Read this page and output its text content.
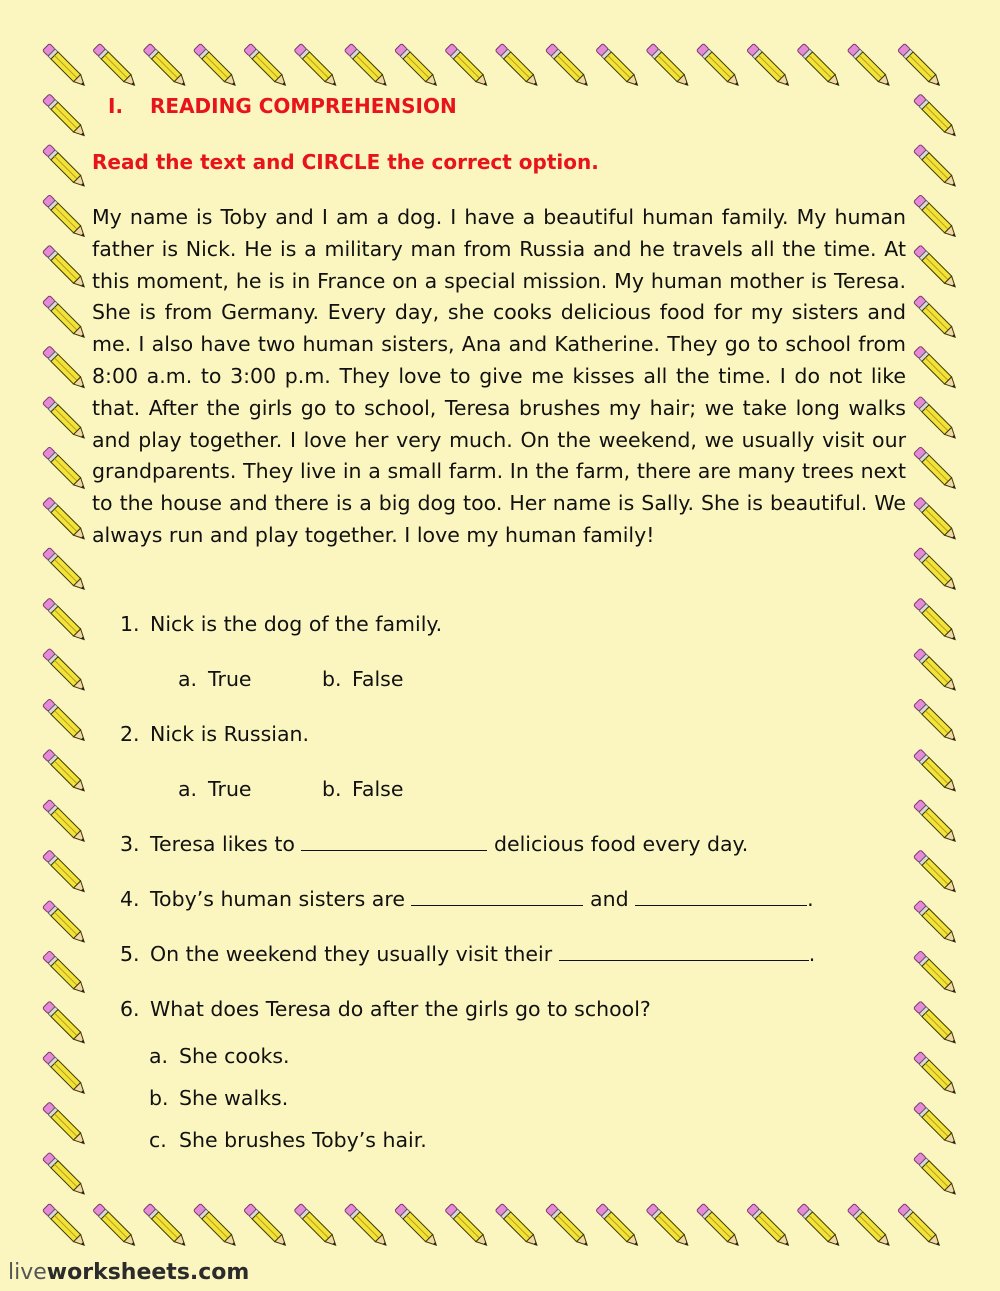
I. READING COMPREHENSION
Read the text and CIRCLE the correct option.

My name is Toby and I am a dog. I have a beautiful human family. My human father is Nick. He is a military man from Russia and he travels all the time. At this moment, he is in France on a special mission. My human mother is Teresa. She is from Germany. Every day, she cooks delicious food for my sisters and me. I also have two human sisters, Ana and Katherine. They go to school from 8:00 a.m. to 3:00 p.m. They love to give me kisses all the time. I do not like that. After the girls go to school, Teresa brushes my hair; we take long walks and play together. I love her very much. On the weekend, we usually visit our grandparents. They live in a small farm. In the farm, there are many trees next to the house and there is a big dog too. Her name is Sally. She is beautiful. We always run and play together. I love my human family!

1. Nick is the dog of the family.
a. True	b. False
2. Nick is Russian.
a. True	b. False
3. Teresa likes to	delicious food every day.
4. Toby’s human sisters are	and	.
5. On the weekend they usually visit their	.
6. What does Teresa do after the girls go to school?
a. She cooks.
b. She walks.
c. She brushes Toby’s hair.
liveworksheets.com
